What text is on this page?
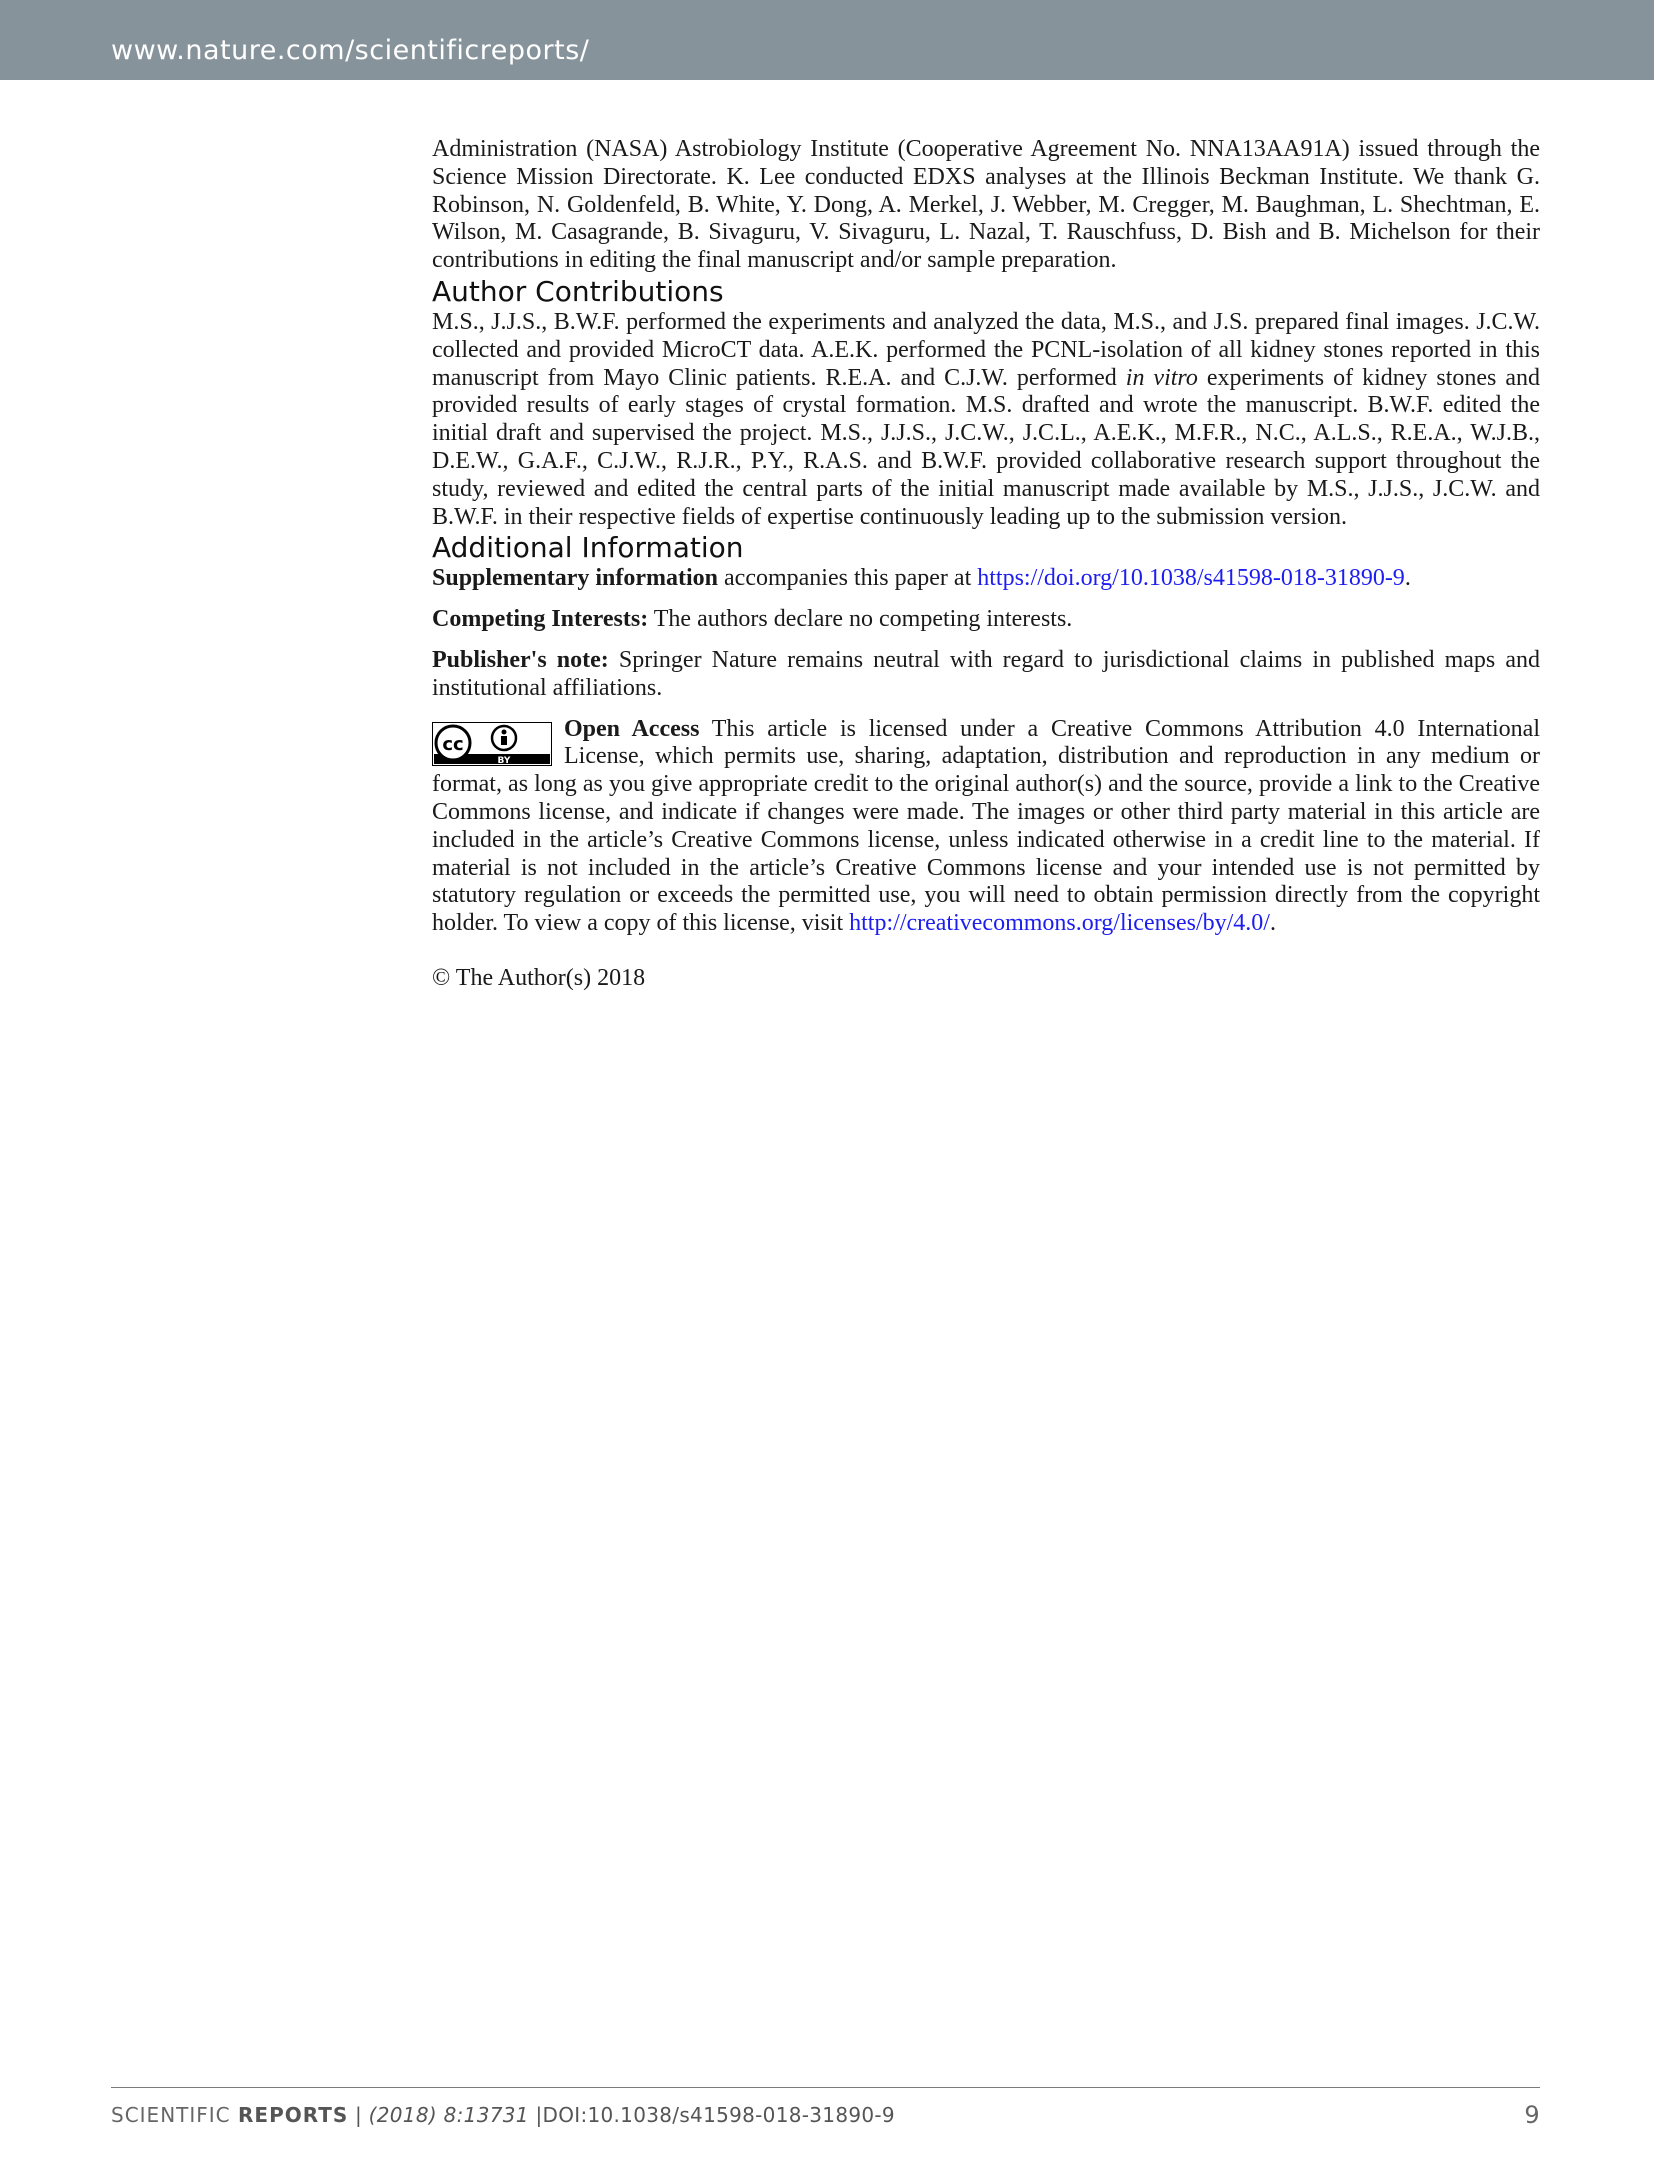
www.nature.com/scientificreports/

Administration (NASA) Astrobiology Institute (Cooperative Agreement No. NNA13AA91A) issued through the Science Mission Directorate. K. Lee conducted EDXS analyses at the Illinois Beckman Institute. We thank G. Robinson, N. Goldenfeld, B. White, Y. Dong, A. Merkel, J. Webber, M. Cregger, M. Baughman, L. Shechtman, E. Wilson, M. Casagrande, B. Sivaguru, V. Sivaguru, L. Nazal, T. Rauschfuss, D. Bish and B. Michelson for their contributions in editing the final manuscript and/or sample preparation.

Author Contributions

M.S., J.J.S., B.W.F. performed the experiments and analyzed the data, M.S., and J.S. prepared final images. J.C.W. collected and provided MicroCT data. A.E.K. performed the PCNL-isolation of all kidney stones reported in this manuscript from Mayo Clinic patients. R.E.A. and C.J.W. performed in vitro experiments of kidney stones and provided results of early stages of crystal formation. M.S. drafted and wrote the manuscript. B.W.F. edited the initial draft and supervised the project. M.S., J.J.S., J.C.W., J.C.L., A.E.K., M.F.R., N.C., A.L.S., R.E.A., W.J.B., D.E.W., G.A.F., C.J.W., R.J.R., P.Y., R.A.S. and B.W.F. provided collaborative research support throughout the study, reviewed and edited the central parts of the initial manuscript made available by M.S., J.J.S., J.C.W. and B.W.F. in their respective fields of expertise continuously leading up to the submission version.

Additional Information

Supplementary information accompanies this paper at https://doi.org/10.1038/s41598-018-31890-9.

Competing Interests: The authors declare no competing interests.

Publisher's note: Springer Nature remains neutral with regard to jurisdictional claims in published maps and institutional affiliations.

cc
BY
Open Access This article is licensed under a Creative Commons Attribution 4.0 International License, which permits use, sharing, adaptation, distribution and reproduction in any medium or format, as long as you give appropriate credit to the original author(s) and the source, provide a link to the Creative Commons license, and indicate if changes were made. The images or other third party material in this article are included in the article’s Creative Commons license, unless indicated otherwise in a credit line to the material. If material is not included in the article’s Creative Commons license and your intended use is not permitted by statutory regulation or exceeds the permitted use, you will need to obtain permission directly from the copyright holder. To view a copy of this license, visit http://creativecommons.org/licenses/by/4.0/.

© The Author(s) 2018

SCIENTIFIC REPORTS | (2018) 8:13731 |DOI:10.1038/s41598-018-31890-9	9
